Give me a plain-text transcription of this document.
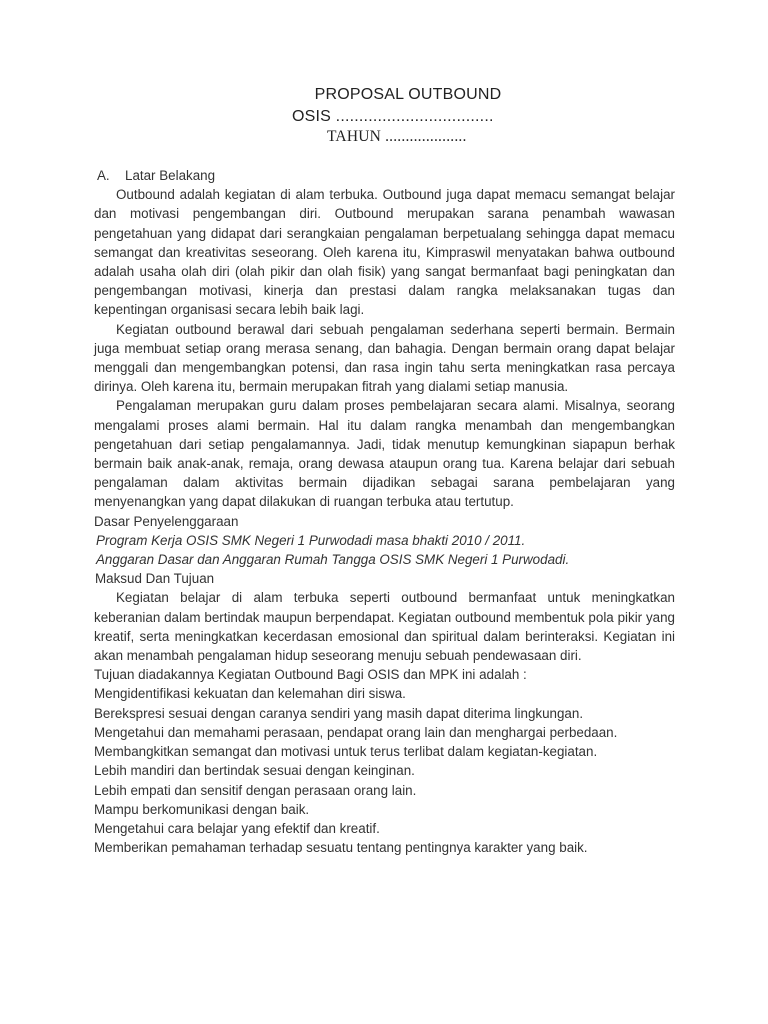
PROPOSAL OUTBOUND
OSIS ..................................
TAHUN ....................

A. Latar Belakang

Outbound adalah kegiatan di alam terbuka. Outbound juga dapat memacu semangat belajar dan motivasi pengembangan diri. Outbound merupakan sarana penambah wawasan pengetahuan yang didapat dari serangkaian pengalaman berpetualang sehingga dapat memacu semangat dan kreativitas seseorang. Oleh karena itu, Kimpraswil menyatakan bahwa outbound adalah usaha olah diri (olah pikir dan olah fisik) yang sangat bermanfaat bagi peningkatan dan pengembangan motivasi, kinerja dan prestasi dalam rangka melaksanakan tugas dan kepentingan organisasi secara lebih baik lagi.

Kegiatan outbound berawal dari sebuah pengalaman sederhana seperti bermain. Bermain juga membuat setiap orang merasa senang, dan bahagia. Dengan bermain orang dapat belajar menggali dan mengembangkan potensi, dan rasa ingin tahu serta meningkatkan rasa percaya dirinya. Oleh karena itu, bermain merupakan fitrah yang dialami setiap manusia.

Pengalaman merupakan guru dalam proses pembelajaran secara alami. Misalnya, seorang mengalami proses alami bermain. Hal itu dalam rangka menambah dan mengembangkan pengetahuan dari setiap pengalamannya. Jadi, tidak menutup kemungkinan siapapun berhak bermain baik anak-anak, remaja, orang dewasa ataupun orang tua. Karena belajar dari sebuah pengalaman dalam aktivitas bermain dijadikan sebagai sarana pembelajaran yang menyenangkan yang dapat dilakukan di ruangan terbuka atau tertutup.

Dasar Penyelenggaraan

Program Kerja OSIS SMK Negeri 1 Purwodadi masa bhakti 2010 / 2011.

Anggaran Dasar dan Anggaran Rumah Tangga OSIS SMK Negeri 1 Purwodadi.

Maksud Dan Tujuan

Kegiatan belajar di alam terbuka seperti outbound bermanfaat untuk meningkatkan keberanian dalam bertindak maupun berpendapat. Kegiatan outbound membentuk pola pikir yang kreatif, serta meningkatkan kecerdasan emosional dan spiritual dalam berinteraksi. Kegiatan ini akan menambah pengalaman hidup seseorang menuju sebuah pendewasaan diri.

Tujuan diadakannya Kegiatan Outbound Bagi OSIS dan MPK ini adalah :

Mengidentifikasi kekuatan dan kelemahan diri siswa.

Berekspresi sesuai dengan caranya sendiri yang masih dapat diterima lingkungan.

Mengetahui dan memahami perasaan, pendapat orang lain dan menghargai perbedaan.

Membangkitkan semangat dan motivasi untuk terus terlibat dalam kegiatan-kegiatan.

Lebih mandiri dan bertindak sesuai dengan keinginan.

Lebih empati dan sensitif dengan perasaan orang lain.

Mampu berkomunikasi dengan baik.

Mengetahui cara belajar yang efektif dan kreatif.

Memberikan pemahaman terhadap sesuatu tentang pentingnya karakter yang baik.
